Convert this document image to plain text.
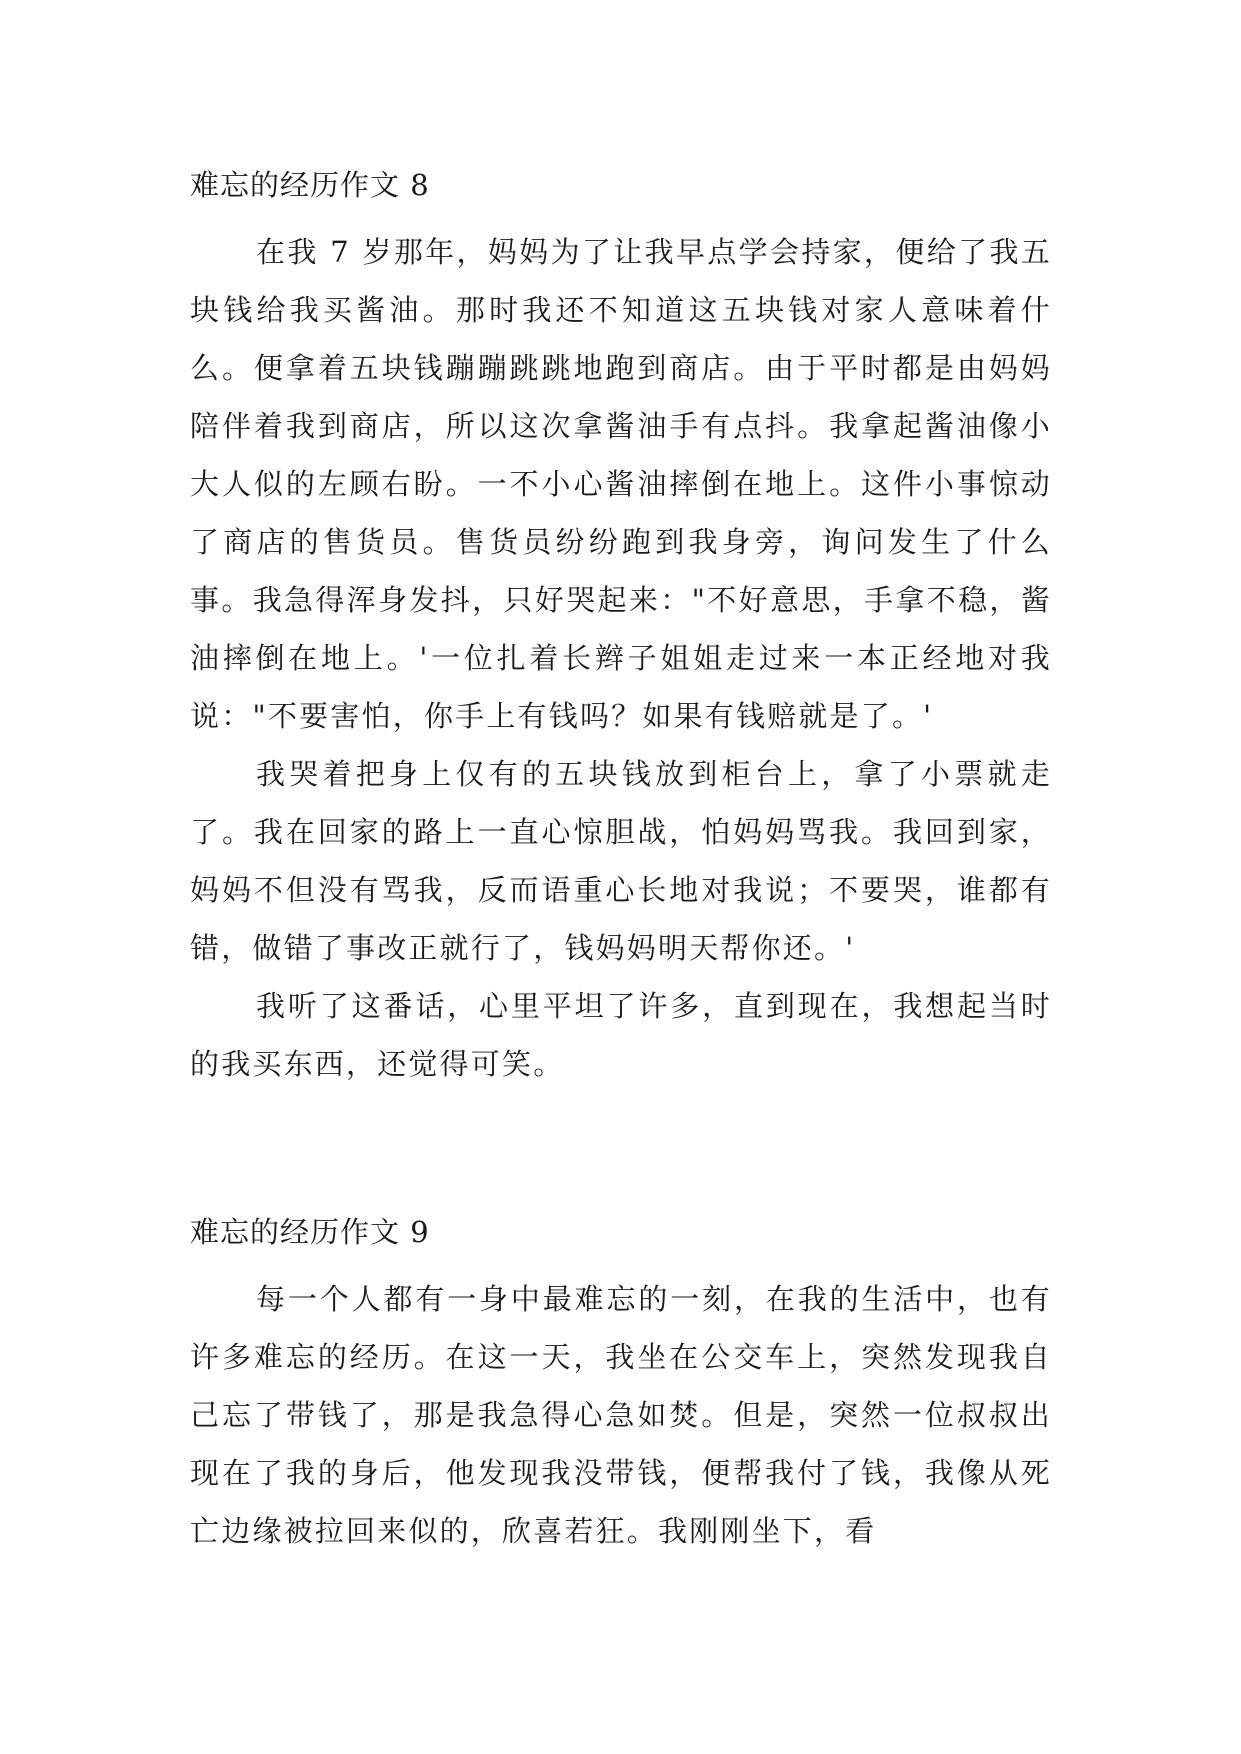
难忘的经历作文 8

在我 7 岁那年，妈妈为了让我早点学会持家，便给了我五块钱给我买酱油。那时我还不知道这五块钱对家人意味着什么。便拿着五块钱蹦蹦跳跳地跑到商店。由于平时都是由妈妈陪伴着我到商店，所以这次拿酱油手有点抖。我拿起酱油像小大人似的左顾右盼。一不小心酱油摔倒在地上。这件小事惊动了商店的售货员。售货员纷纷跑到我身旁，询问发生了什么事。我急得浑身发抖，只好哭起来："不好意思，手拿不稳，酱油摔倒在地上。'一位扎着长辫子姐姐走过来一本正经地对我说："不要害怕，你手上有钱吗？如果有钱赔就是了。'

我哭着把身上仅有的五块钱放到柜台上，拿了小票就走了。我在回家的路上一直心惊胆战，怕妈妈骂我。我回到家，妈妈不但没有骂我，反而语重心长地对我说；不要哭，谁都有错，做错了事改正就行了，钱妈妈明天帮你还。'

我听了这番话，心里平坦了许多，直到现在，我想起当时的我买东西，还觉得可笑。

难忘的经历作文 9

每一个人都有一身中最难忘的一刻，在我的生活中，也有许多难忘的经历。在这一天，我坐在公交车上，突然发现我自己忘了带钱了，那是我急得心急如焚。但是，突然一位叔叔出现在了我的身后，他发现我没带钱，便帮我付了钱，我像从死亡边缘被拉回来似的，欣喜若狂。我刚刚坐下，看
